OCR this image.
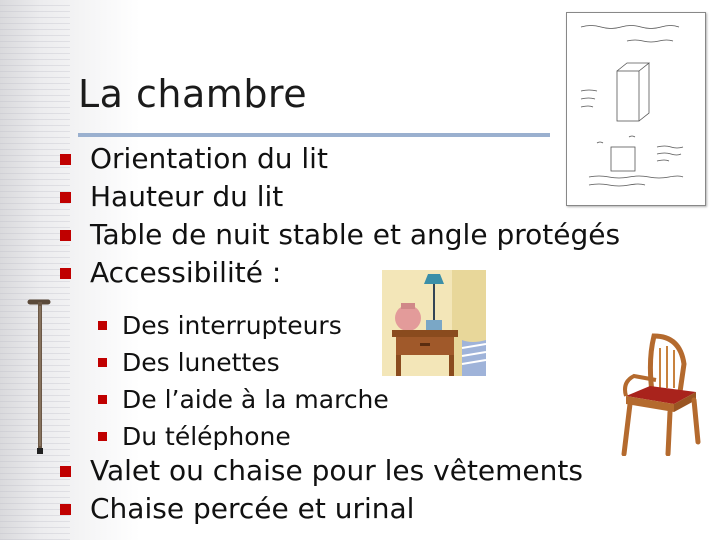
La chambre
Orientation du lit
Hauteur du lit
Table de nuit stable et angle protégés
Accessibilité :
Des interrupteurs
Des lunettes
De l’aide à la marche
Du téléphone
Valet ou chaise pour les vêtements
Chaise percée et urinal
